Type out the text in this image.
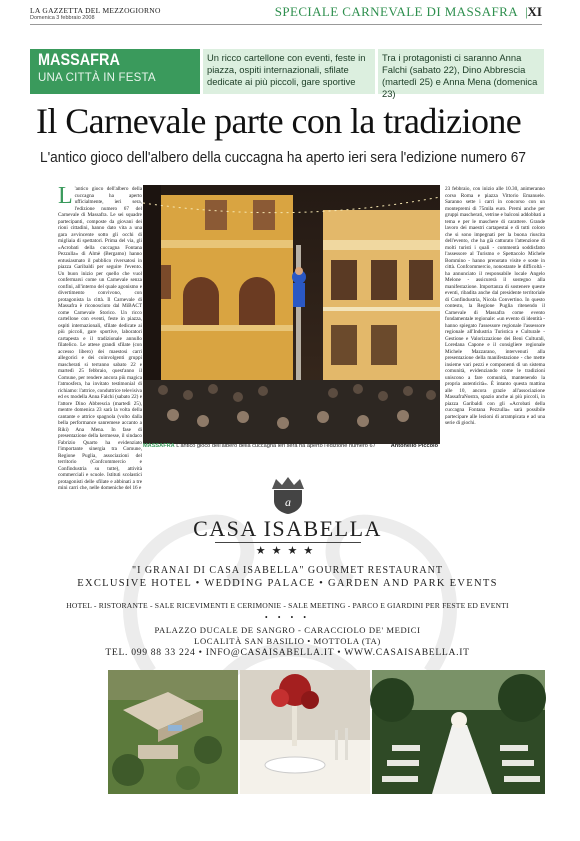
LA GAZZETTA DEL MEZZOGIORNO
Domenica 3 febbraio 2008	SPECIALE CARNEVALE DI MASSAFRA | XI
MASSAFRA
UNA CITTÀ IN FESTA
Un ricco cartellone con eventi, feste in piazza, ospiti internazionali, sfilate dedicate ai più piccoli, gare sportive
Tra i protagonisti ci saranno Anna Falchi (sabato 22), Dino Abbrescia (martedì 25) e Anna Mena (domenica 23)
Il Carnevale parte con la tradizione
L'antico gioco dell'albero della cuccagna ha aperto ieri sera l'edizione numero 67
L 'antico gioco dell'albero della cuccagna ha aperto ufficialmente, ieri sera, l'edizione numero 67 del Carnevale di Massafra. Le sei squadre partecipanti, composte da giovani dei rioni cittadini, hanno dato vita a una gara avvincente sotto gli occhi di migliaia di spettatori. Prima del via, gli «Acrobati della cuccagna Fontana Pezzulla» di Almè (Bergamo) hanno entusiasmato il pubblico riversatosi in piazza Garibaldi per seguire l'evento. Un buon inizio per quello che vuol confermarsi come un Carnevale senza confini, all'interno del quale agonismo e divertimento convivono, con protagonista la città. Il Carnevale di Massafra è riconosciuto dal MiBACT come Carnevale Storico. Un ricco cartellone con eventi, feste in piazza, ospiti internazionali, sfilate dedicate ai più piccoli, gare sportive, laboratori cartapesta e il tradizionale annullo filatelico. Le attese grandi sfilate (con accesso libero) dei maestosi carri allegorici e dei coinvolgenti gruppi mascherati si terranno sabato 22 e martedì 25 febbraio, quest'anno il Comune, per rendere ancora più magica l'atmosfera, ha invitato testimonial di richiamo: l'attrice, conduttrice televisiva ed ex modella Anna Falchi (sabato 22) e l'attore Dino Abbrescia (martedì 25), mentre domenica 23 sarà la volta della cantante e attrice spagnola (volto dalla bella performance sanremese accanto a Riki) Ana Mena. In fase di presentazione della kermesse, il sindaco Fabrizio Quarto ha evidenziato l'importante sinergia tra Comune, Regione Puglia, associazioni del territorio (Confcommercio e Confindustria su tutte), attività commerciali e scuole. Istituti scolastici protagonisti delle sfilate e abbinati a tre mini carri che, nelle domeniche del 16 e
MASSAFRA L'antico gioco dell'albero della cuccagna ieri sera ha aperto l'edizione numero 67	Antonello Piccolo
23 febbraio, con inizio alle 10.30, animeranno corso Roma e piazza Vittorio Emanuele. Saranno sette i carri in concorso con un montepremi di 75mila euro. Premi anche per gruppi mascherati, vetrine e balconi addobbati a tema e per le maschere di carattere. Grande lavoro dei maestri cartapestai e di tutti coloro che si sono impegnati per la buona riuscita dell'evento, che ha già catturato l'attenzione di molti turisti i quali - commentà soddisfatto l'assessore al Turismo e Spettacolo Michele Bommino - hanno prenotato visite e soste in città. Confcommercio, nonostante le difficoltà - ha annunciato il responsabile locale Angelo Melone - assicurerà il sostegno alla manifestazione. Importanza di sostenere queste eventi, ribadita anche dal presidente territoriale di Confindustria, Nicola Convertino. In questo contesto, la Regione Puglia ritenendo il Carnevale di Massafra come evento fondamentale regionale: «un evento di identità - hanno spiegato l'assessore regionale l'assessore regionale all'Industria Turistica e Culturale - Gestione e Valorizzazione dei Beni Culturali, Loredana Capone e il consigliere regionale Michele Mazzarano, intervenuti alla presentazione della manifestazione - che mette insieme vari pezzi e componenti di un sistema comunità, evidenziando come le tradizioni uniscono a fare comunità, mantenendo la propria autenticità». È intanto questa mattina alle 10, ancora grazie all'associazione MassafraNostra, spazio anche ai più piccoli, in piazza Garibaldi con gli «Acrobati della cuccagna Fontana Pezzulla» sarà possibile partecipare alle lezioni di arrampicata e ad una serie di giochi.
a
CASA ISABELLA
★★★★
"I GRANAI DI CASA ISABELLA" GOURMET RESTAURANT
EXCLUSIVE HOTEL • WEDDING PALACE • GARDEN AND PARK EVENTS
HOTEL - RISTORANTE - SALE RICEVIMENTI E CERIMONIE - SALE MEETING - PARCO E GIARDINI PER FESTE ED EVENTI
• • • •
PALAZZO DUCALE DE SANGRO - CARACCIOLO DE' MEDICI
LOCALITÀ SAN BASILIO • MOTTOLA (TA)
TEL. 099 88 33 224 • INFO@CASAISABELLA.IT • WWW.CASAISABELLA.IT
